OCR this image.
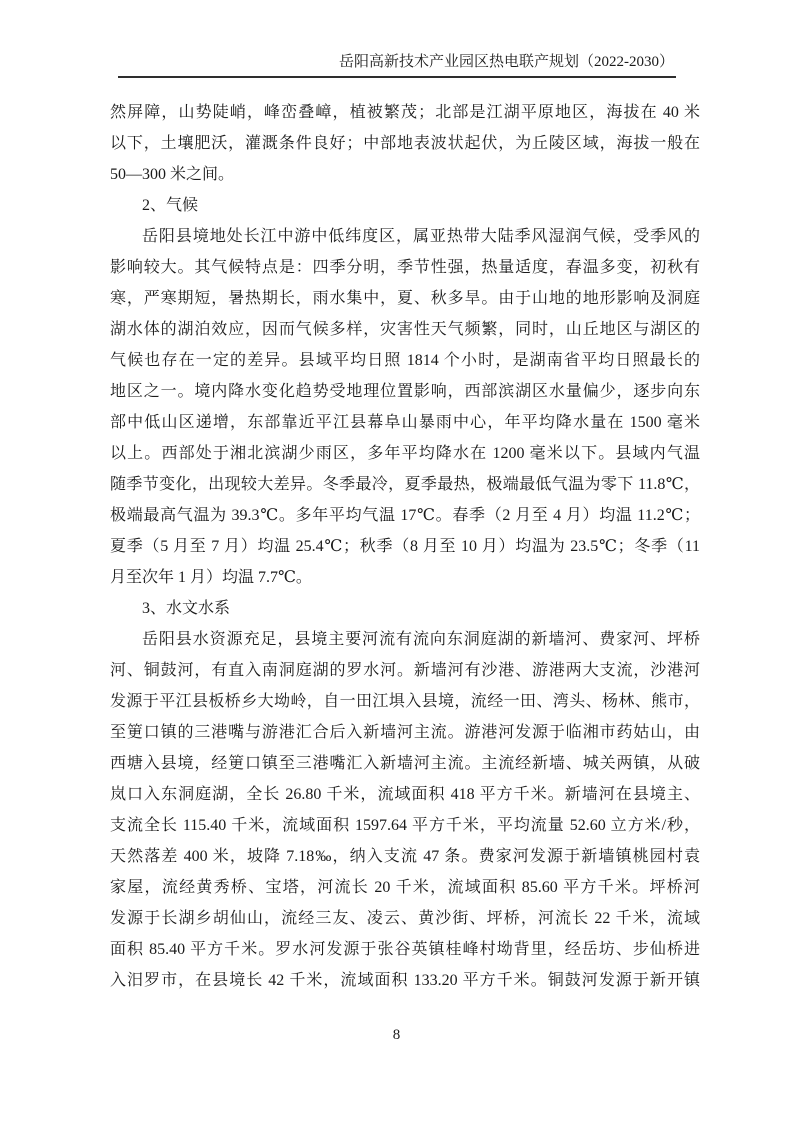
岳阳高新技术产业园区热电联产规划（2022-2030）
然屏障，山势陡峭，峰峦叠嶂，植被繁茂；北部是江湖平原地区，海拔在 40 米
以下，土壤肥沃，灌溉条件良好；中部地表波状起伏，为丘陵区域，海拔一般在
50—300 米之间。
2、气候
岳阳县境地处长江中游中低纬度区，属亚热带大陆季风湿润气候，受季风的
影响较大。其气候特点是：四季分明，季节性强，热量适度，春温多变，初秋有
寒，严寒期短，暑热期长，雨水集中，夏、秋多旱。由于山地的地形影响及洞庭
湖水体的湖泊效应，因而气候多样，灾害性天气频繁，同时，山丘地区与湖区的
气候也存在一定的差异。县域平均日照 1814 个小时，是湖南省平均日照最长的
地区之一。境内降水变化趋势受地理位置影响，西部滨湖区水量偏少，逐步向东
部中低山区递增，东部靠近平江县幕阜山暴雨中心，年平均降水量在 1500 毫米
以上。西部处于湘北滨湖少雨区，多年平均降水在 1200 毫米以下。县域内气温
随季节变化，出现较大差异。冬季最冷，夏季最热，极端最低气温为零下 11.8℃，
极端最高气温为 39.3℃。多年平均气温 17℃。春季（2 月至 4 月）均温 11.2℃；
夏季（5 月至 7 月）均温 25.4℃；秋季（8 月至 10 月）均温为 23.5℃；冬季（11
月至次年 1 月）均温 7.7℃。
3、水文水系
岳阳县水资源充足，县境主要河流有流向东洞庭湖的新墙河、费家河、坪桥
河、铜鼓河，有直入南洞庭湖的罗水河。新墙河有沙港、游港两大支流，沙港河
发源于平江县板桥乡大坳岭，自一田江埧入县境，流经一田、湾头、杨林、熊市，
至筻口镇的三港嘴与游港汇合后入新墙河主流。游港河发源于临湘市药姑山，由
西塘入县境，经筻口镇至三港嘴汇入新墙河主流。主流经新墙、城关两镇，从破
岚口入东洞庭湖，全长 26.80 千米，流域面积 418 平方千米。新墙河在县境主、
支流全长 115.40 千米，流域面积 1597.64 平方千米，平均流量 52.60 立方米/秒，
天然落差 400 米，坡降 7.18‰，纳入支流 47 条。费家河发源于新墙镇桃园村袁
家屋，流经黄秀桥、宝塔，河流长 20 千米，流域面积 85.60 平方千米。坪桥河
发源于长湖乡胡仙山，流经三友、凌云、黄沙街、坪桥，河流长 22 千米，流域
面积 85.40 平方千米。罗水河发源于张谷英镇桂峰村坳背里，经岳坊、步仙桥进
入汨罗市，在县境长 42 千米，流域面积 133.20 平方千米。铜鼓河发源于新开镇
8
